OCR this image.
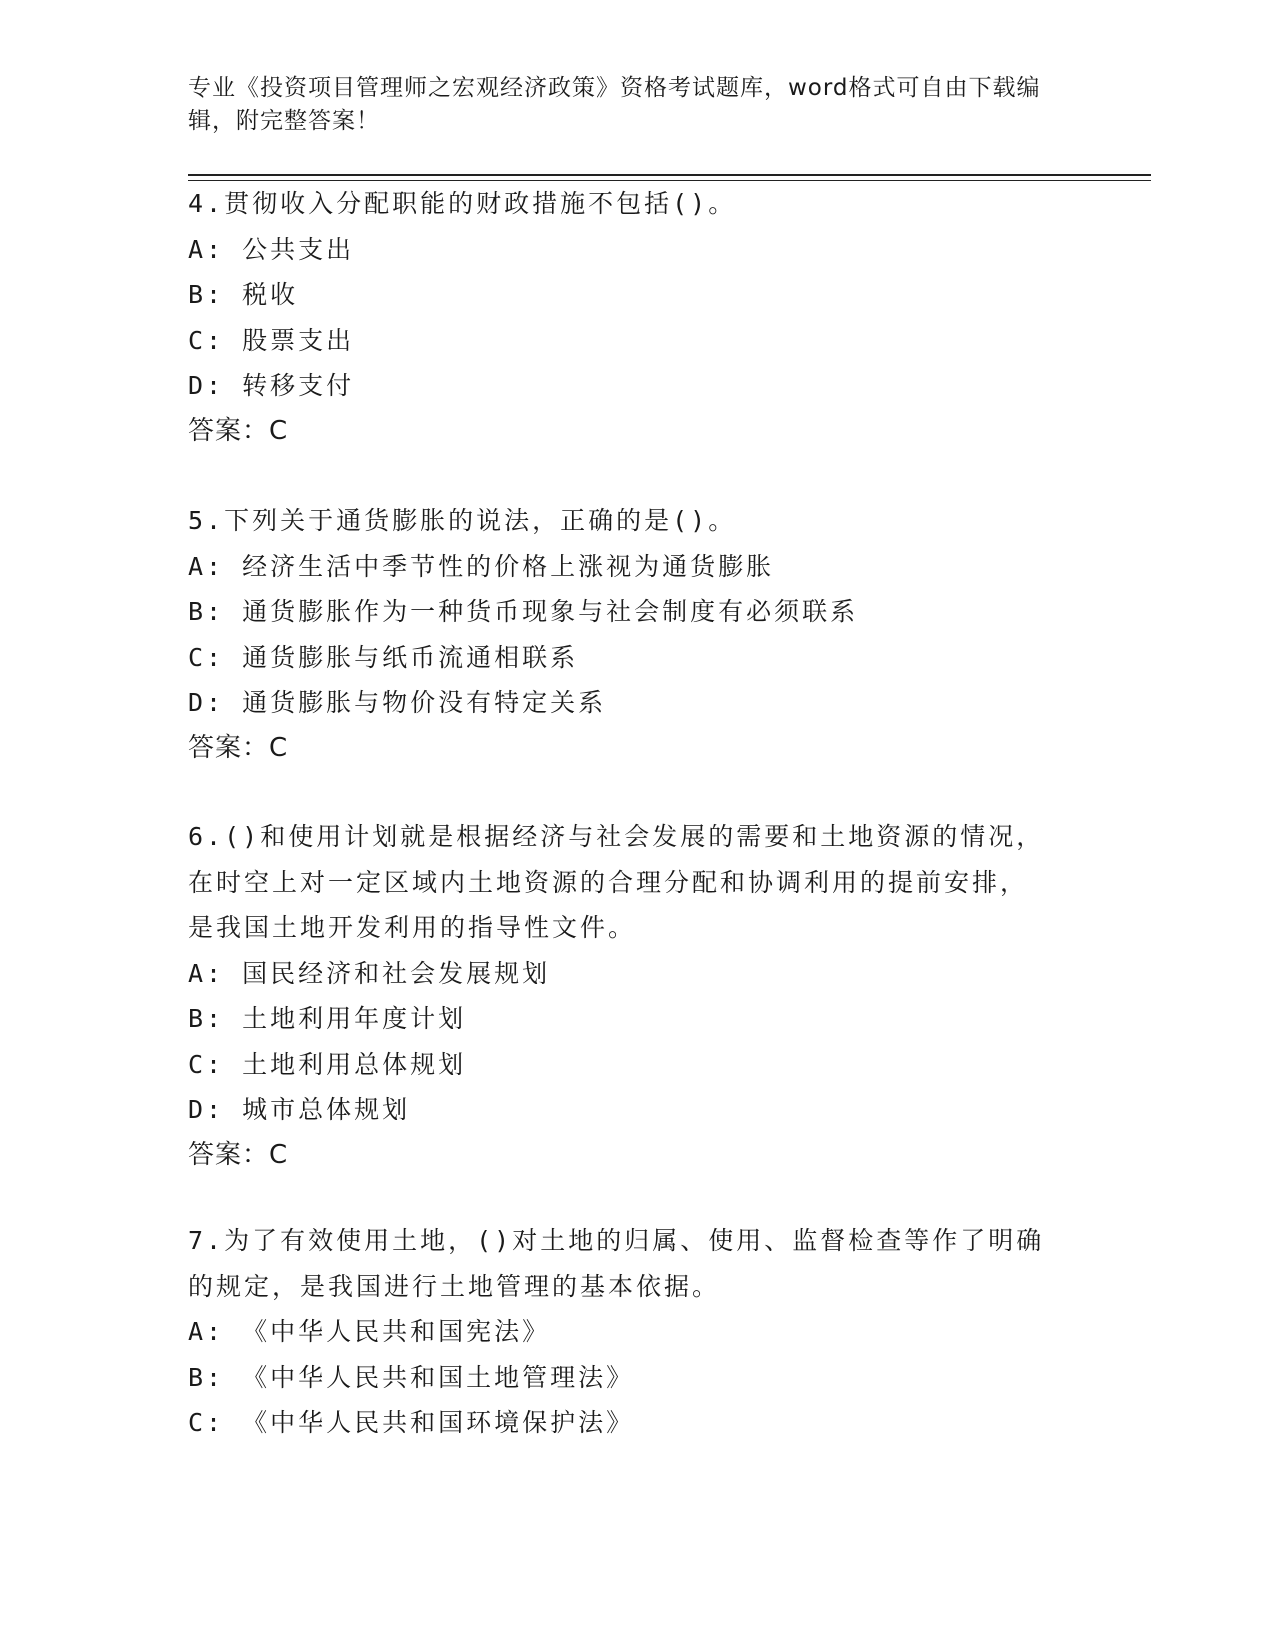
专业《投资项目管理师之宏观经济政策》资格考试题库，word格式可自由下载编
辑，附完整答案！
4.贯彻收入分配职能的财政措施不包括()。
A: 公共支出
B: 税收
C: 股票支出
D: 转移支付
答案：C
5.下列关于通货膨胀的说法，正确的是()。
A: 经济生活中季节性的价格上涨视为通货膨胀
B: 通货膨胀作为一种货币现象与社会制度有必须联系
C: 通货膨胀与纸币流通相联系
D: 通货膨胀与物价没有特定关系
答案：C
6.()和使用计划就是根据经济与社会发展的需要和土地资源的情况，
在时空上对一定区域内土地资源的合理分配和协调利用的提前安排，
是我国土地开发利用的指导性文件。
A: 国民经济和社会发展规划
B: 土地利用年度计划
C: 土地利用总体规划
D: 城市总体规划
答案：C
7.为了有效使用土地，()对土地的归属、使用、监督检查等作了明确
的规定，是我国进行土地管理的基本依据。
A: 《中华人民共和国宪法》
B: 《中华人民共和国土地管理法》
C: 《中华人民共和国环境保护法》
